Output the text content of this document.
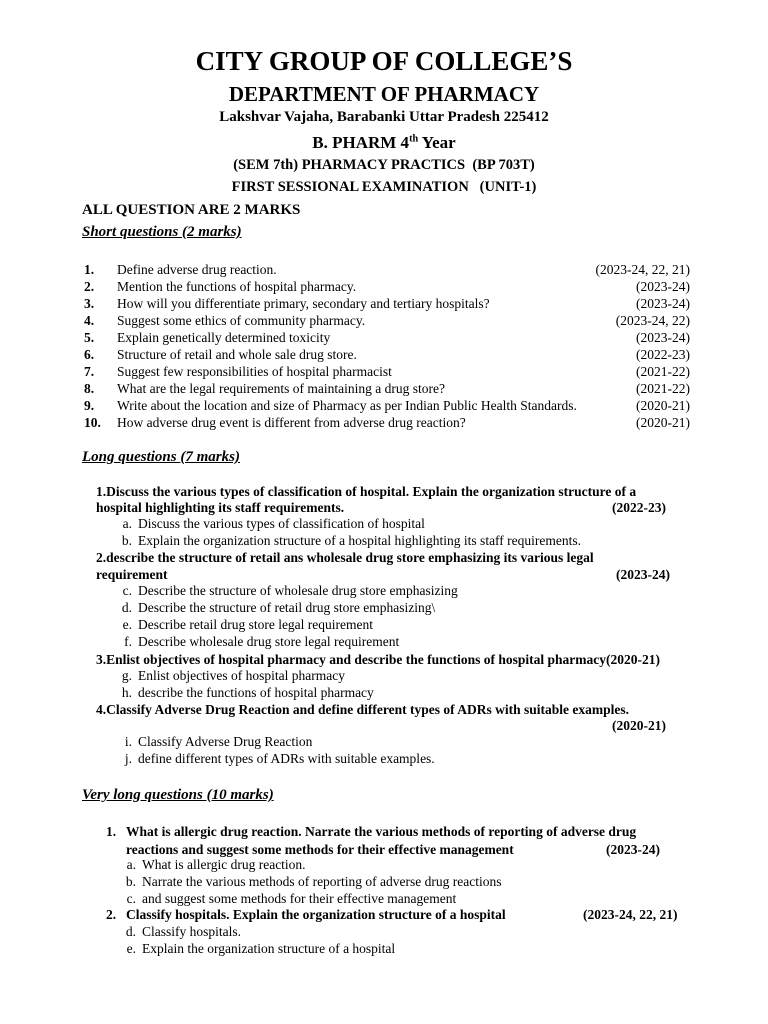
CITY GROUP OF COLLEGE’S
DEPARTMENT OF PHARMACY
Lakshvar Vajaha, Barabanki Uttar Pradesh 225412
B. PHARM 4th Year
(SEM 7th) PHARMACY PRACTICS  (BP 703T)
FIRST SESSIONAL EXAMINATION   (UNIT-1)
ALL QUESTION ARE 2 MARKS
Short questions (2 marks)
1. Define adverse drug reaction.	(2023-24, 22, 21)
2. Mention the functions of hospital pharmacy.	(2023-24)
3. How will you differentiate primary, secondary and tertiary hospitals?	(2023-24)
4. Suggest some ethics of community pharmacy.	(2023-24, 22)
5. Explain genetically determined toxicity	(2023-24)
6. Structure of retail and whole sale drug store.	(2022-23)
7. Suggest few responsibilities of hospital pharmacist	(2021-22)
8. What are the legal requirements of maintaining a drug store?	(2021-22)
9. Write about the location and size of Pharmacy as per Indian Public Health Standards.	(2020-21)
10. How adverse drug event is different from adverse drug reaction?	(2020-21)
Long questions (7 marks)
1.Discuss the various types of classification of hospital. Explain the organization structure of a
hospital highlighting its staff requirements.	(2022-23)
a. Discuss the various types of classification of hospital
b. Explain the organization structure of a hospital highlighting its staff requirements.
2.describe the structure of retail ans wholesale drug store emphasizing its various legal
requirement	(2023-24)
c. Describe the structure of wholesale drug store emphasizing
d. Describe the structure of retail drug store emphasizing\
e. Describe retail drug store legal requirement
f. Describe wholesale drug store legal requirement
3.Enlist objectives of hospital pharmacy and describe the functions of hospital pharmacy(2020-21)
g. Enlist objectives of hospital pharmacy
h. describe the functions of hospital pharmacy
4.Classify Adverse Drug Reaction and define different types of ADRs with suitable examples.
(2020-21)
i. Classify Adverse Drug Reaction
j. define different types of ADRs with suitable examples.
Very long questions (10 marks)
1. What is allergic drug reaction. Narrate the various methods of reporting of adverse drug
reactions and suggest some methods for their effective management	(2023-24)
a. What is allergic drug reaction.
b. Narrate the various methods of reporting of adverse drug reactions
c. and suggest some methods for their effective management
2. Classify hospitals. Explain the organization structure of a hospital	(2023-24, 22, 21)
d. Classify hospitals.
e. Explain the organization structure of a hospital
